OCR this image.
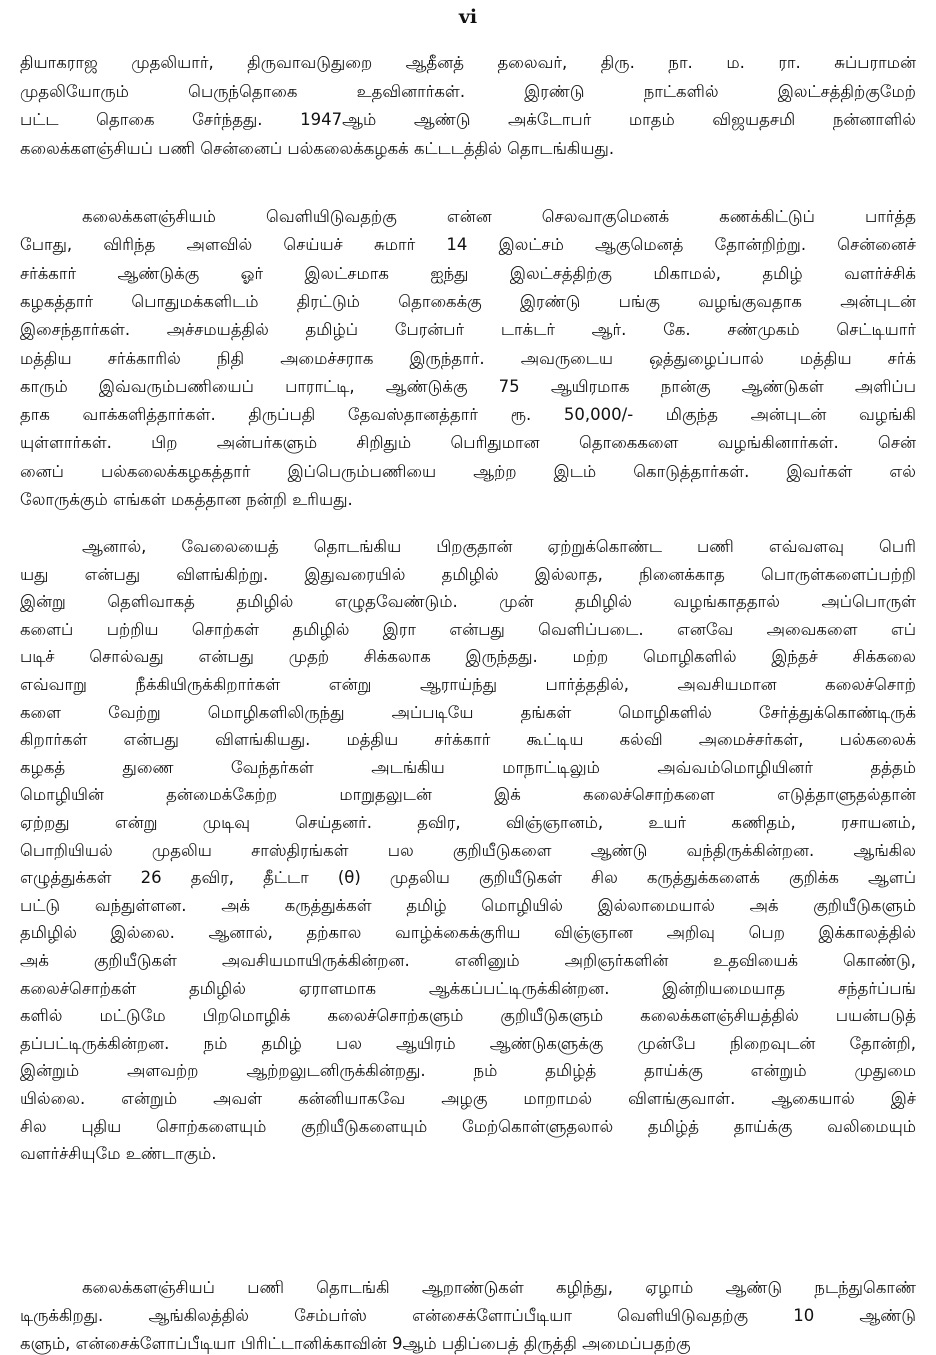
vi
தியாகராஜ முதலியார், திருவாவடுதுறை ஆதீனத் தலைவர், திரு. நா. ம. ரா. சுப்பராமன்
முதலியோரும் பெருந்தொகை உதவினார்கள். இரண்டு நாட்களில் இலட்சத்திற்குமேற்
பட்ட தொகை சேர்ந்தது. 1947ஆம் ஆண்டு அக்டோபர் மாதம் விஜயதசமி நன்னாளில்
கலைக்களஞ்சியப் பணி சென்னைப் பல்கலைக்கழகக் கட்டடத்தில் தொடங்கியது.
கலைக்களஞ்சியம் வெளியிடுவதற்கு என்ன செலவாகுமெனக் கணக்கிட்டுப் பார்த்த
போது, விரிந்த அளவில் செய்யச் சுமார் 14 இலட்சம் ஆகுமெனத் தோன்றிற்று. சென்னைச்
சர்க்கார் ஆண்டுக்கு ஓர் இலட்சமாக ஐந்து இலட்சத்திற்கு மிகாமல், தமிழ் வளர்ச்சிக்
கழகத்தார் பொதுமக்களிடம் திரட்டும் தொகைக்கு இரண்டு பங்கு வழங்குவதாக அன்புடன்
இசைந்தார்கள். அச்சமயத்தில் தமிழ்ப் பேரன்பர் டாக்டர் ஆர். கே. சண்முகம் செட்டியார்
மத்திய சர்க்காரில் நிதி அமைச்சராக இருந்தார். அவருடைய ஒத்துழைப்பால் மத்திய சர்க்
காரும் இவ்வரும்பணியைப் பாராட்டி, ஆண்டுக்கு 75 ஆயிரமாக நான்கு ஆண்டுகள் அளிப்ப
தாக வாக்களித்தார்கள். திருப்பதி தேவஸ்தானத்தார் ரூ. 50,000/- மிகுந்த அன்புடன் வழங்கி
யுள்ளார்கள். பிற அன்பர்களும் சிறிதும் பெரிதுமான தொகைகளை வழங்கினார்கள். சென்
னைப் பல்கலைக்கழகத்தார் இப்பெரும்பணியை ஆற்ற இடம் கொடுத்தார்கள். இவர்கள் எல்
லோருக்கும் எங்கள் மகத்தான நன்றி உரியது.
ஆனால், வேலையைத் தொடங்கிய பிறகுதான் ஏற்றுக்கொண்ட பணி எவ்வளவு பெரி
யது என்பது விளங்கிற்று. இதுவரையில் தமிழில் இல்லாத, நினைக்காத பொருள்களைப்பற்றி
இன்று தெளிவாகத் தமிழில் எழுதவேண்டும். முன் தமிழில் வழங்காததால் அப்பொருள்
களைப் பற்றிய சொற்கள் தமிழில் இரா என்பது வெளிப்படை. எனவே அவைகளை எப்
படிச் சொல்வது என்பது முதற் சிக்கலாக இருந்தது. மற்ற மொழிகளில் இந்தச் சிக்கலை
எவ்வாறு நீக்கியிருக்கிறார்கள் என்று ஆராய்ந்து பார்த்ததில், அவசியமான கலைச்சொற்
களை வேற்று மொழிகளிலிருந்து அப்படியே தங்கள் மொழிகளில் சேர்த்துக்கொண்டிருக்
கிறார்கள் என்பது விளங்கியது. மத்திய சர்க்கார் கூட்டிய கல்வி அமைச்சர்கள், பல்கலைக்
கழகத் துணை வேந்தர்கள் அடங்கிய மாநாட்டிலும் அவ்வம்மொழியினர் தத்தம்
மொழியின் தன்மைக்கேற்ற மாறுதலுடன் இக் கலைச்சொற்களை எடுத்தாளுதல்தான்
ஏற்றது என்று முடிவு செய்தனர். தவிர, விஞ்ஞானம், உயர் கணிதம், ரசாயனம்,
பொறியியல் முதலிய சாஸ்திரங்கள் பல குறியீடுகளை ஆண்டு வந்திருக்கின்றன. ஆங்கில
எழுத்துக்கள் 26 தவிர, தீட்டா (θ) முதலிய குறியீடுகள் சில கருத்துக்களைக் குறிக்க ஆளப்
பட்டு வந்துள்ளன. அக் கருத்துக்கள் தமிழ் மொழியில் இல்லாமையால் அக் குறியீடுகளும்
தமிழில் இல்லை. ஆனால், தற்கால வாழ்க்கைக்குரிய விஞ்ஞான அறிவு பெற இக்காலத்தில்
அக் குறியீடுகள் அவசியமாயிருக்கின்றன. எனினும் அறிஞர்களின் உதவியைக் கொண்டு,
கலைச்சொற்கள் தமிழில் ஏராளமாக ஆக்கப்பட்டிருக்கின்றன. இன்றியமையாத சந்தர்ப்பங்
களில் மட்டுமே பிறமொழிக் கலைச்சொற்களும் குறியீடுகளும் கலைக்களஞ்சியத்தில் பயன்படுத்
தப்பட்டிருக்கின்றன. நம் தமிழ் பல ஆயிரம் ஆண்டுகளுக்கு முன்பே நிறைவுடன் தோன்றி,
இன்றும் அளவற்ற ஆற்றலுடனிருக்கின்றது. நம் தமிழ்த் தாய்க்கு என்றும் முதுமை
யில்லை. என்றும் அவள் கன்னியாகவே அழகு மாறாமல் விளங்குவாள். ஆகையால் இச்
சில புதிய சொற்களையும் குறியீடுகளையும் மேற்கொள்ளுதலால் தமிழ்த் தாய்க்கு வலிமையும்
வளர்ச்சியுமே உண்டாகும்.
கலைக்களஞ்சியப் பணி தொடங்கி ஆறாண்டுகள் கழிந்து, ஏழாம் ஆண்டு நடந்துகொண்
டிருக்கிறது. ஆங்கிலத்தில் சேம்பர்ஸ் என்சைக்ளோப்பீடியா வெளியிடுவதற்கு 10 ஆண்டு
களும், என்சைக்ளோப்பீடியா பிரிட்டானிக்காவின் 9ஆம் பதிப்பைத் திருத்தி அமைப்பதற்கு
